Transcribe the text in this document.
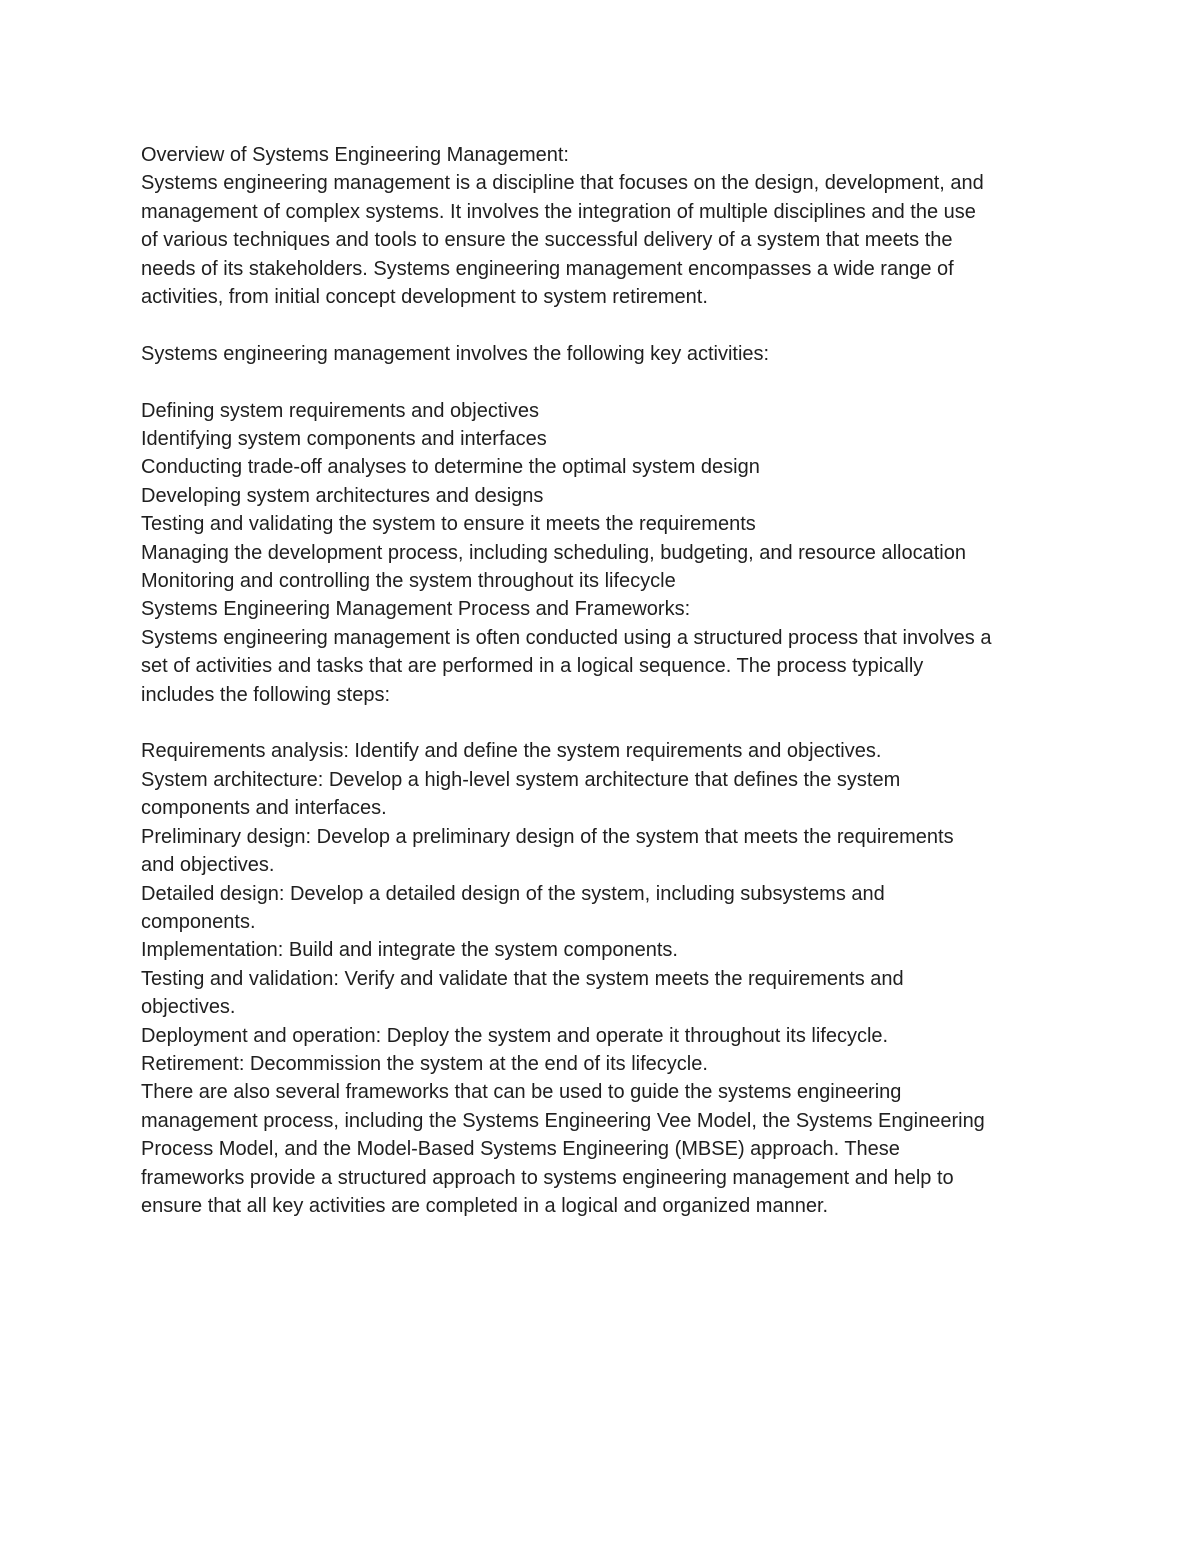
Overview of Systems Engineering Management:

Systems engineering management is a discipline that focuses on the design, development, and

management of complex systems. It involves the integration of multiple disciplines and the use

of various techniques and tools to ensure the successful delivery of a system that meets the

needs of its stakeholders. Systems engineering management encompasses a wide range of

activities, from initial concept development to system retirement.

Systems engineering management involves the following key activities:

Defining system requirements and objectives

Identifying system components and interfaces

Conducting trade-off analyses to determine the optimal system design

Developing system architectures and designs

Testing and validating the system to ensure it meets the requirements

Managing the development process, including scheduling, budgeting, and resource allocation

Monitoring and controlling the system throughout its lifecycle

Systems Engineering Management Process and Frameworks:

Systems engineering management is often conducted using a structured process that involves a

set of activities and tasks that are performed in a logical sequence. The process typically

includes the following steps:

Requirements analysis: Identify and define the system requirements and objectives.

System architecture: Develop a high-level system architecture that defines the system

components and interfaces.

Preliminary design: Develop a preliminary design of the system that meets the requirements

and objectives.

Detailed design: Develop a detailed design of the system, including subsystems and

components.

Implementation: Build and integrate the system components.

Testing and validation: Verify and validate that the system meets the requirements and

objectives.

Deployment and operation: Deploy the system and operate it throughout its lifecycle.

Retirement: Decommission the system at the end of its lifecycle.

There are also several frameworks that can be used to guide the systems engineering

management process, including the Systems Engineering Vee Model, the Systems Engineering

Process Model, and the Model-Based Systems Engineering (MBSE) approach. These

frameworks provide a structured approach to systems engineering management and help to

ensure that all key activities are completed in a logical and organized manner.
